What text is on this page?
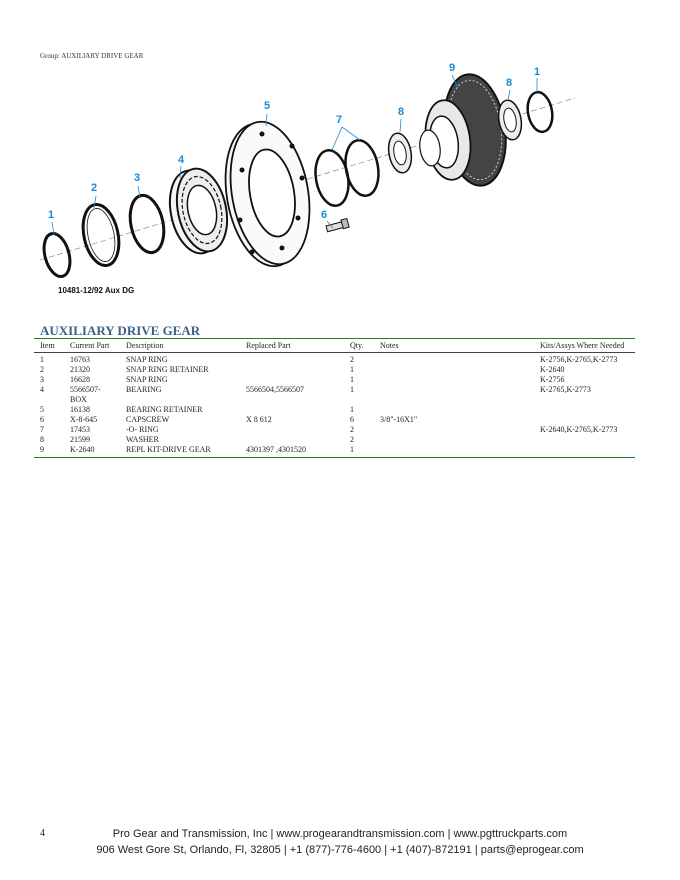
Group: AUXILIARY DRIVE GEAR
1
2
3
4
5
6
7
8
8
9	1
10481-12/92 Aux DG
AUXILIARY DRIVE GEAR
Item	Current Part	Description	Replaced Part	Qty.	Notes	Kits/Assys Where Needed
1	16763	SNAP RING		2		K-2756,K-2765,K-2773
2	21320	SNAP RING RETAINER		1		K-2640
3	16628	SNAP RING		1		K-2756
4	5566507-BOX	BEARING	5566504,5566507	1		K-2765,K-2773
5	16138	BEARING RETAINER		1		
6	X-8-645	CAPSCREW	X 8 612	6	3/8"-16X1"	
7	17453	-O- RING		2		K-2640,K-2765,K-2773
8	21599	WASHER		2		
9	K-2640	REPL KIT-DRIVE GEAR	4301397 ,4301520	1		
4	Pro Gear and Transmission, Inc | www.progearandtransmission.com | www.pgttruckparts.com
906 West Gore St, Orlando, Fl, 32805 | +1 (877)-776-4600 | +1 (407)-872191 | parts@eprogear.com
